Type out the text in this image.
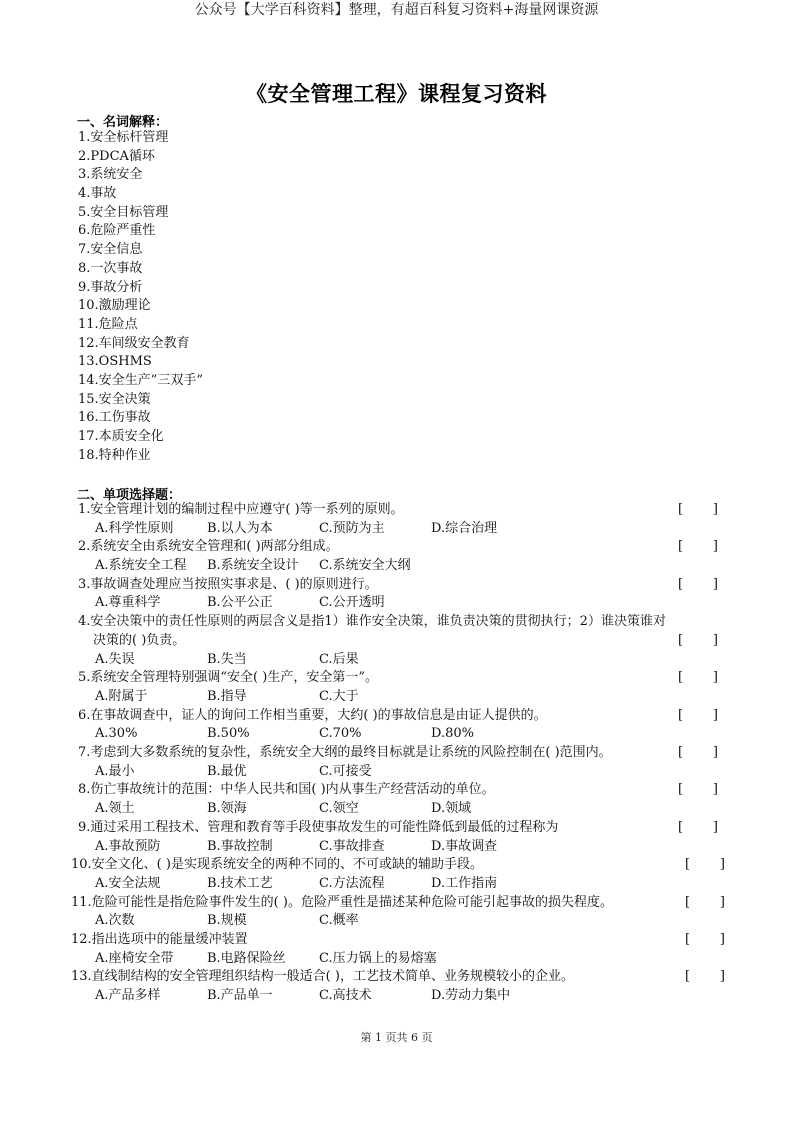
公众号【大学百科资料】整理，有超百科复习资料+海量网课资源
《安全管理工程》课程复习资料
一、名词解释：
1.安全标杆管理
2.PDCA循环
3.系统安全
4.事故
5.安全目标管理
6.危险严重性
7.安全信息
8.一次事故
9.事故分析
10.激励理论
11.危险点
12.车间级安全教育
13.OSHMS
14.安全生产”三双手”
15.安全决策
16.工伤事故
17.本质安全化
18.特种作业
二、单项选择题：
1.安全管理计划的编制过程中应遵守( )等一系列的原则。	[ ]
A.科学性原则	B.以人为本	C.预防为主	D.综合治理
2.系统安全由系统安全管理和( )两部分组成。	[ ]
A.系统安全工程 B.系统安全设计 C.系统安全大纲
3.事故调查处理应当按照实事求是、( )的原则进行。	[ ]
A.尊重科学	B.公平公正	C.公开透明
4.安全决策中的责任性原则的两层含义是指1）谁作安全决策，谁负责决策的贯彻执行；2）谁决策谁对
决策的( )负责。	[ ]
A.失误	B.失当	C.后果
5.系统安全管理特别强调“安全( )生产，安全第一”。	[ ]
A.附属于	B.指导	C.大于
6.在事故调查中，证人的询问工作相当重要，大约( )的事故信息是由证人提供的。	[ ]
A.30%	B.50%	C.70%	D.80%
7.考虑到大多数系统的复杂性，系统安全大纲的最终目标就是让系统的风险控制在( )范围内。	[ ]
A.最小	B.最优	C.可接受
8.伤亡事故统计的范围：中华人民共和国( )内从事生产经营活动的单位。	[ ]
A.领土	B.领海	C.领空	D.领域
9.通过采用工程技术、管理和教育等手段使事故发生的可能性降低到最低的过程称为	[ ]
A.事故预防	B.事故控制	C.事故排查	D.事故调查
10.安全文化、( )是实现系统安全的两种不同的、不可或缺的辅助手段。	[ ]
A.安全法规	B.技术工艺	C.方法流程	D.工作指南
11.危险可能性是指危险事件发生的( )。危险严重性是描述某种危险可能引起事故的损失程度。	[ ]
A.次数	B.规模	C.概率
12.指出选项中的能量缓冲装置	[ ]
A.座椅安全带	B.电路保险丝	C.压力锅上的易熔塞
13.直线制结构的安全管理组织结构一般适合( )，工艺技术简单、业务规模较小的企业。	[ ]
A.产品多样	B.产品单一	C.高技术	D.劳动力集中
第 1 页共 6 页
